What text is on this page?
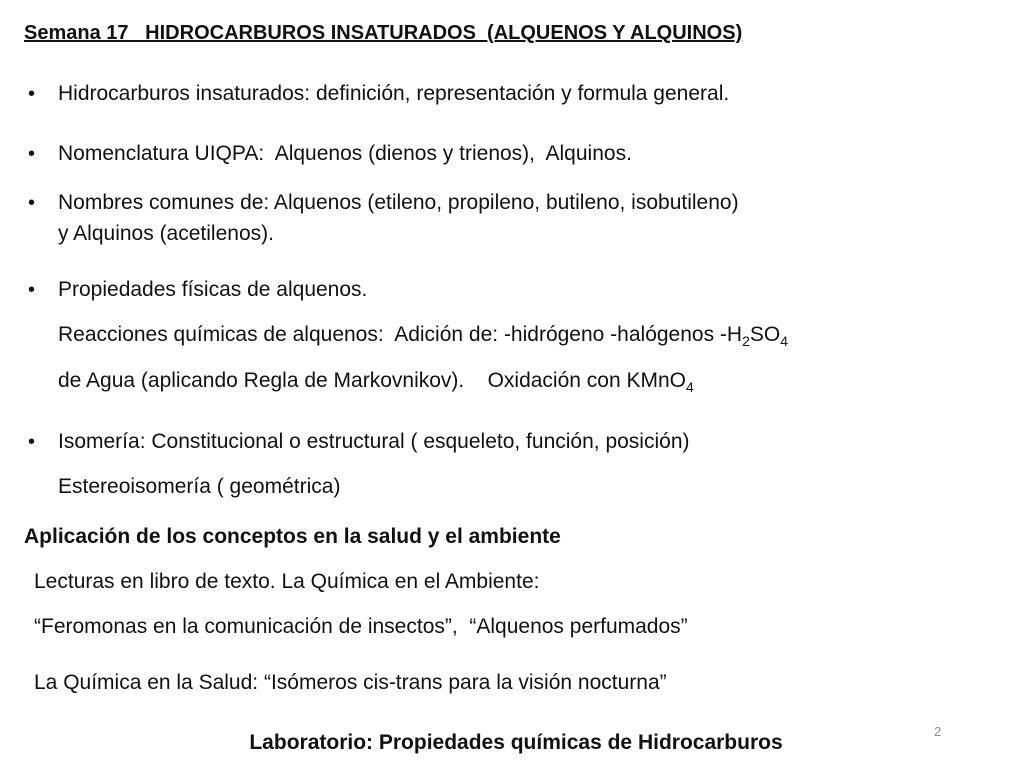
Semana 17   HIDROCARBUROS INSATURADOS  (ALQUENOS Y ALQUINOS)
• Hidrocarburos insaturados: definición, representación y formula general.
• Nomenclatura UIQPA:  Alquenos (dienos y trienos),  Alquinos.
• Nombres comunes de: Alquenos (etileno, propileno, butileno, isobutileno)
y Alquinos (acetilenos).
• Propiedades físicas de alquenos.
Reacciones químicas de alquenos:  Adición de: -hidrógeno -halógenos $-H_2SO_4$
de Agua (aplicando Regla de Markovnikov).    Oxidación con KMnO$_4$
• Isomería: Constitucional o estructural ( esqueleto, función, posición)
Estereoisomería ( geométrica)
Aplicación de los conceptos en la salud y el ambiente
Lecturas en libro de texto. La Química en el Ambiente:
“Feromonas en la comunicación de insectos”,  “Alquenos perfumados”
La Química en la Salud: “Isómeros cis-trans para la visión nocturna”
2
Laboratorio: Propiedades químicas de Hidrocarburos
